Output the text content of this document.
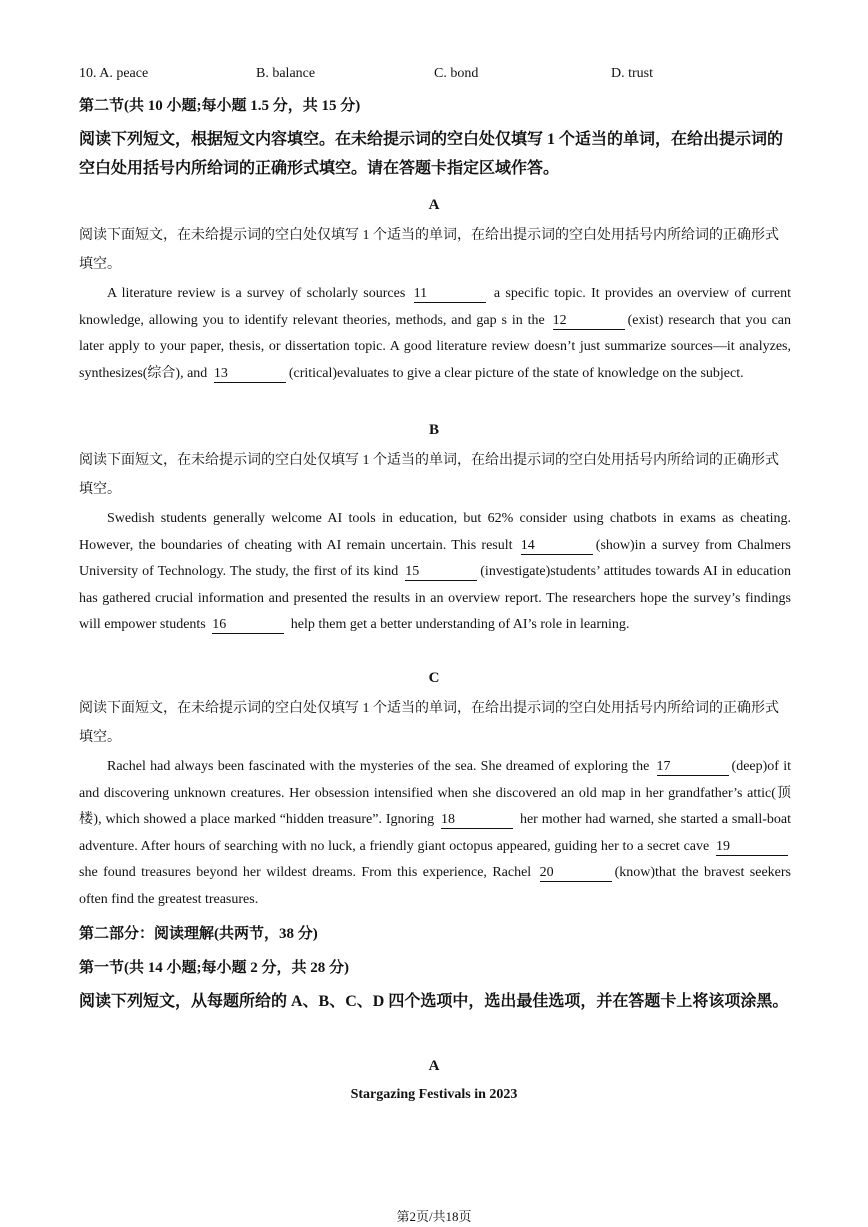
10. A. peace	B. balance	C. bond	D. trust
第二节(共 10 小题;每小题 1.5 分，共 15 分)
阅读下列短文，根据短文内容填空。在未给提示词的空白处仅填写 1 个适当的单词，在给出提示词的空白处用括号内所给词的正确形式填空。请在答题卡指定区域作答。
A
阅读下面短文，在未给提示词的空白处仅填写 1 个适当的单词，在给出提示词的空白处用括号内所给词的正确形式填空。
A literature review is a survey of scholarly sources 11	a specific topic. It provides an overview of current knowledge, allowing you to identify relevant theories, methods, and gap s in the 12	(exist) research that you can later apply to your paper, thesis, or dissertation topic. A good literature review doesn’t just summarize sources—it analyzes, synthesizes(综合), and 13	(critical)evaluates to give a clear picture of the state of knowledge on the subject.
B
阅读下面短文，在未给提示词的空白处仅填写 1 个适当的单词，在给出提示词的空白处用括号内所给词的正确形式填空。
Swedish students generally welcome AI tools in education, but 62% consider using chatbots in exams as cheating. However, the boundaries of cheating with AI remain uncertain. This result 14	(show)in a survey from Chalmers University of Technology. The study, the first of its kind 15	(investigate)students’ attitudes towards AI in education has gathered crucial information and presented the results in an overview report. The researchers hope the survey’s findings will empower students 16	help them get a better understanding of AI’s role in learning.
C
阅读下面短文，在未给提示词的空白处仅填写 1 个适当的单词，在给出提示词的空白处用括号内所给词的正确形式填空。
Rachel had always been fascinated with the mysteries of the sea. She dreamed of exploring the 17	(deep)of it and discovering unknown creatures. Her obsession intensified when she discovered an old map in her grandfather’s attic(顶楼), which showed a place marked “hidden treasure”. Ignoring 18	her mother had warned, she started a small-boat adventure. After hours of searching with no luck, a friendly giant octopus appeared, guiding her to a secret cave 19 she found treasures beyond her wildest dreams. From this experience, Rachel 20	(know)that the bravest seekers often find the greatest treasures.
第二部分：阅读理解(共两节，38 分)
第一节(共 14 小题;每小题 2 分，共 28 分)
阅读下列短文，从每题所给的 A、B、C、D 四个选项中，选出最佳选项，并在答题卡上将该项涂黑。
A
Stargazing Festivals in 2023
第2页/共18页
